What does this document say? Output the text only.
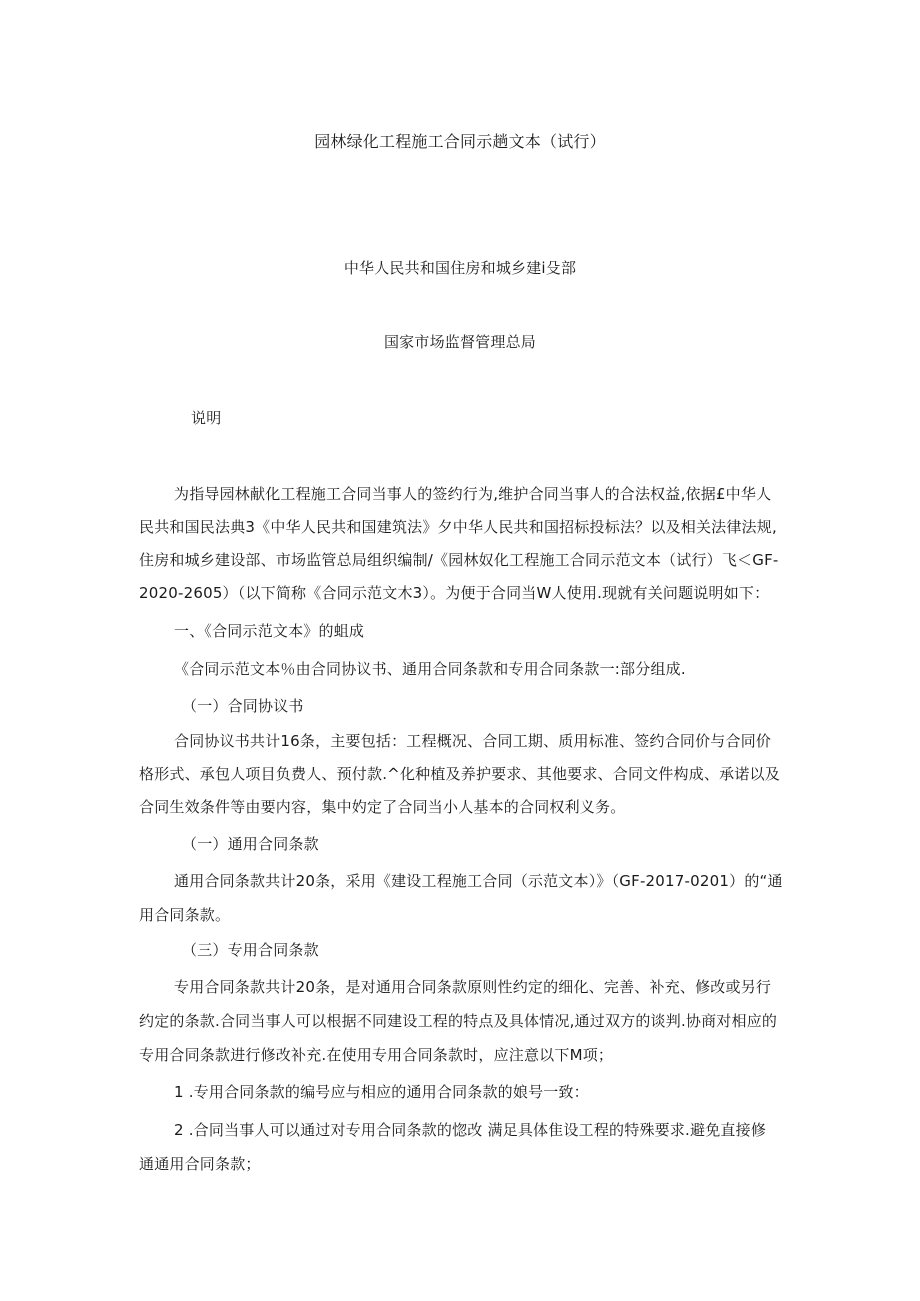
园林绿化工程施工合同示趟文本（试行）
中华人民共和国住房和城乡建i殳部
国家市场监督管理总局
说明
为指导园林献化工程施工合同当事人的签约行为,维护合同当事人的合法权益,依据£中华人
民共和国民法典3《中华人民共和国建筑法》夕中华人民共和国招标投标法？以及相关法律法规,
住房和城乡建设部、市场监管总局组织编制/《园林奴化工程施工合同示范文本（试行）飞＜GF-
2020-2605）（以下简称《合同示范文木3）。为便于合同当W人使用.现就有关问题说明如下：
一、《合同示范文本》的蛆成
《合同示范文本％由合同协议书、通用合同条款和专用合同条款一:部分组成.
（一）合同协议书
合同协议书共计16条，主要包括：工程概况、合同工期、质用标准、签约合同价与合同价
格形式、承包人项目负费人、预付款.^化种植及养护要求、其他要求、合同文件构成、承诺以及
合同生效条件等由要内容，集中妁定了合同当小人基本的合同权利义务。
（一）通用合同条款
通用合同条款共计20条，采用《建设工程施工合同（示范文本）》（GF-2017-0201）的“通
用合同条款。
（三）专用合同条款
专用合同条款共计20条，是对通用合同条款原则性约定的细化、完善、补充、修改或另行
约定的条款.合同当事人可以根据不同建设工程的特点及具体情况,通过双方的谈判.协商对相应的
专用合同条款进行修改补充.在使用专用合同条款时，应注意以下M项；
1 .专用合同条款的编号应与相应的通用合同条款的娘号一致：
2 .合同当事人可以通过对专用合同条款的惚改 满足具体隹设工程的特殊要求.避免直接修
通通用合同条款；
